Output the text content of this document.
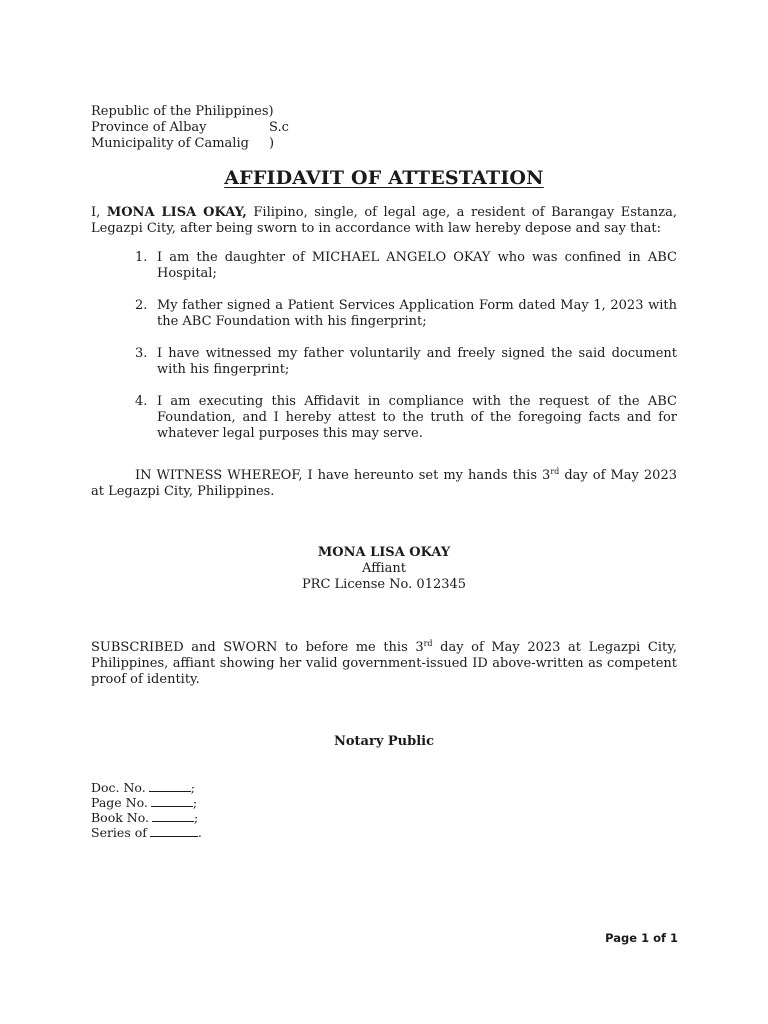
Republic of the Philippines)
Province of Albay	S.c
Municipality of Camalig )
AFFIDAVIT OF ATTESTATION
I, MONA LISA OKAY, Filipino, single, of legal age, a resident of Barangay Estanza, Legazpi City, after being sworn to in accordance with law hereby depose and say that:
1. I am the daughter of MICHAEL ANGELO OKAY who was confined in ABC Hospital;
2. My father signed a Patient Services Application Form dated May 1, 2023 with the ABC Foundation with his fingerprint;
3. I have witnessed my father voluntarily and freely signed the said document with his fingerprint;
4. I am executing this Affidavit in compliance with the request of the ABC Foundation, and I hereby attest to the truth of the foregoing facts and for whatever legal purposes this may serve.
IN WITNESS WHEREOF, I have hereunto set my hands this 3rd day of May 2023 at Legazpi City, Philippines.
MONA LISA OKAY
Affiant
PRC License No. 012345
SUBSCRIBED and SWORN to before me this 3rd day of May 2023 at Legazpi City, Philippines, affiant showing her valid government-issued ID above-written as competent proof of identity.
Notary Public
Doc. No.	;
Page No.	;
Book No.	;
Series of	.
Page 1 of 1
